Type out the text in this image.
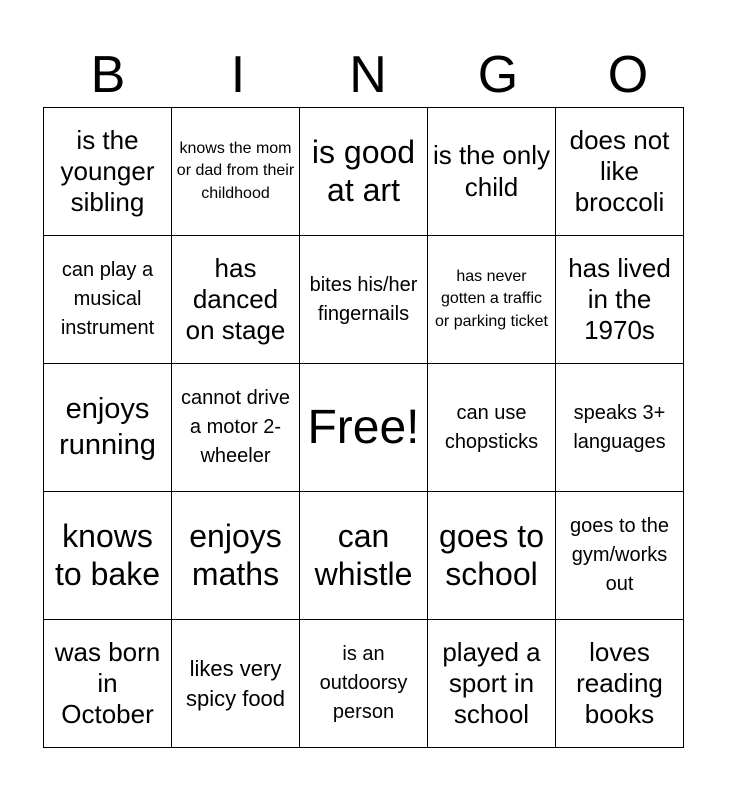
B	I	N	G	O
is the younger sibling	knows the mom or dad from their childhood	is good at art	is the only child	does not like broccoli
can play a musical instrument	has danced on stage	bites his/her fingernails	has never gotten a traffic or parking ticket	has lived in the 1970s
enjoys running	cannot drive a motor 2-wheeler	Free!	can use chopsticks	speaks 3+ languages
knows to bake	enjoys maths	can whistle	goes to school	goes to the gym/works out
was born in October	likes very spicy food	is an outdoorsy person	played a sport in school	loves reading books
